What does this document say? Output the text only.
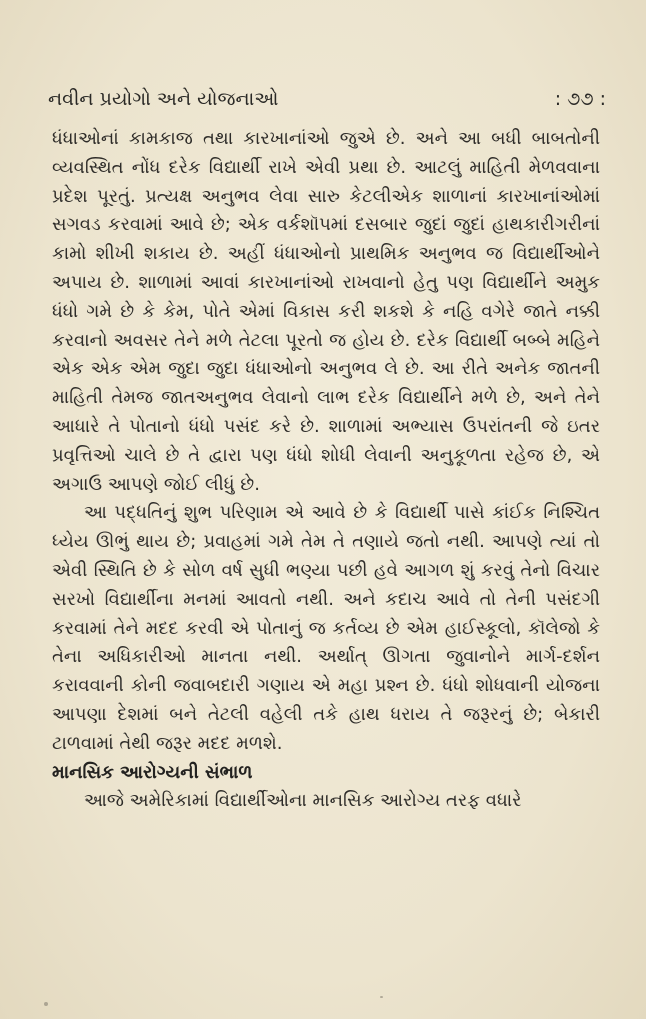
નવીન પ્રયોગો અને યોજનાઓ	: ૭૭ :

ધંધાઓનાં કામકાજ તથા કારખાનાંઓ જુએ છે. અને આ બધી બાબતોની વ્યવસ્થિત નોંધ દરેક વિદ્યાર્થી રાખે એવી પ્રથા છે. આટલું માહિતી મેળવવાના પ્રદેશ પૂરતું. પ્રત્યક્ષ અનુભવ લેવા સારુ કેટલીએક શાળાનાં કારખાનાંઓમાં સગવડ કરવામાં આવે છે; એક વર્કશૉપમાં દસબાર જુદાં જુદાં હાથકારીગરીનાં કામો શીખી શકાય છે. અહીં ધંધાઓનો પ્રાથમિક અનુભવ જ વિદ્યાર્થીઓને અપાય છે. શાળામાં આવાં કારખાનાંઓ રાખવાનો હેતુ પણ વિદ્યાર્થીને અમુક ધંધો ગમે છે કે કેમ, પોતે એમાં વિકાસ કરી શકશે કે નહિ વગેરે જાતે નક્કી કરવાનો અવસર તેને મળે તેટલા પૂરતો જ હોય છે. દરેક વિદ્યાર્થી બબ્બે મહિને એક એક એમ જુદા જુદા ધંધાઓનો અનુભવ લે છે. આ રીતે અનેક જાતની માહિતી તેમજ જાતઅનુભવ લેવાનો લાભ દરેક વિદ્યાર્થીને મળે છે, અને તેને આધારે તે પોતાનો ધંધો પસંદ કરે છે. શાળામાં અભ્યાસ ઉપરાંતની જે ઇતર પ્રવૃત્તિઓ ચાલે છે તે દ્વારા પણ ધંધો શોધી લેવાની અનુકૂળતા રહેજ છે, એ અગાઉ આપણે જોઈ લીધું છે.

આ પદ્ધતિનું શુભ પરિણામ એ આવે છે કે વિદ્યાર્થી પાસે કાંઈક નિશ્ચિત ધ્યેય ઊભું થાય છે; પ્રવાહમાં ગમે તેમ તે તણાયે જતો નથી. આપણે ત્યાં તો એવી સ્થિતિ છે કે સોળ વર્ષ સુધી ભણ્યા પછી હવે આગળ શું કરવું તેનો વિચાર સરખો વિદ્યાર્થીના મનમાં આવતો નથી. અને કદાચ આવે તો તેની પસંદગી કરવામાં તેને મદદ કરવી એ પોતાનું જ કર્તવ્ય છે એમ હાઈસ્કૂલો, કૉલેજો કે તેના અધિકારીઓ માનતા નથી. અર્થાત્ ઊગતા જુવાનોને માર્ગ-દર્શન કરાવવાની કોની જવાબદારી ગણાય એ મહા પ્રશ્ન છે. ધંધો શોધવાની યોજના આપણા દેશમાં બને તેટલી વહેલી તકે હાથ ધરાય તે જરૂરનું છે; બેકારી ટાળવામાં તેથી જરૂર મદદ મળશે.

માનસિક આરોગ્યની સંભાળ

આજે અમેરિકામાં વિદ્યાર્થીઓના માનસિક આરોગ્ય તરફ વધારે
